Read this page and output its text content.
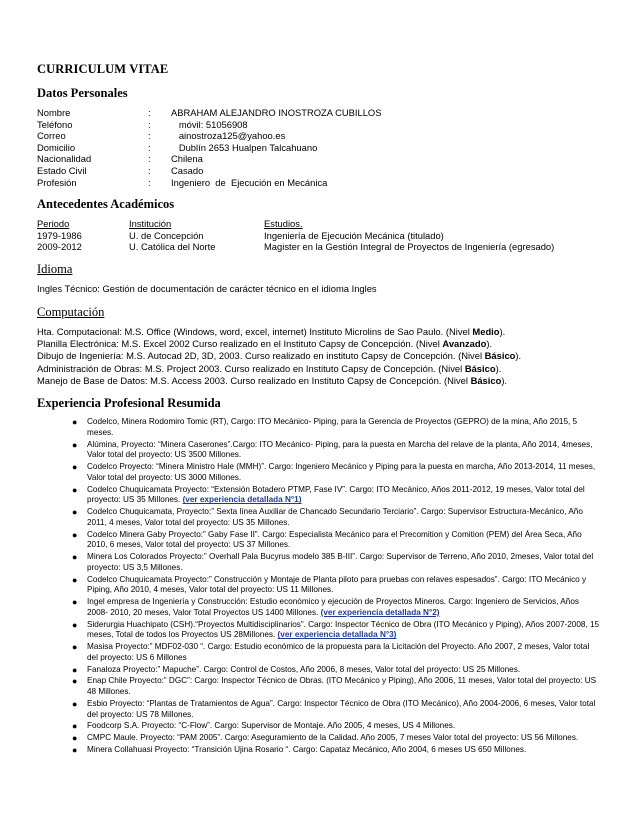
CURRICULUM VITAE
Datos Personales
Nombre	:	ABRAHAM ALEJANDRO INOSTROZA CUBILLOS
Teléfono	:	móvil: 51056908
Correo	:	ainostroza125@yahoo.es
Domicilio	:	Dublín 2653 Hualpen Talcahuano
Nacionalidad	:	Chilena
Estado Civil	:	Casado
Profesión	:	Ingeniero  de  Ejecución en Mecánica
Antecedentes Académicos
Periodo	Institución	Estudios.
1979-1986	U. de Concepción	Ingeniería de Ejecución Mecánica (titulado)
2009-2012	U. Católica del Norte	Magister en la Gestión Integral de Proyectos de Ingeniería (egresado)
Idioma
Ingles Técnico: Gestión de documentación de carácter técnico en el idioma Ingles
Computación
Hta. Computacional: M.S. Office (Windows, word, excel, internet) Instituto Microlins de Sao Paulo. (Nivel Medio).
Planilla Electrónica: M.S. Excel 2002 Curso realizado en el Instituto Capsy de Concepción. (Nivel Avanzado).
Dibujo de Ingeniería: M.S. Autocad 2D, 3D, 2003. Curso realizado en instituto Capsy de Concepción. (Nivel Básico).
Administración de Obras: M.S. Project 2003. Curso realizado en Instituto Capsy de Concepción. (Nivel Básico).
Manejo de Base de Datos: M.S. Access 2003. Curso realizado en Instituto Capsy de Concepción. (Nivel Básico).
Experiencia Profesional Resumida
● Codelco, Minera Rodomiro Tomic (RT), Cargo: ITO Mecánico- Piping, para la Gerencia de Proyectos (GEPRO) de la mina, Año 2015, 5 meses.
● Alúmina, Proyecto: “Minera Caserones”.Cargo: ITO Mecánico- Piping, para la puesta en Marcha del relave de la planta, Año 2014, 4meses, Valor total del proyecto: US 3500 Millones.
● Codelco Proyecto: “Minera Ministro Hale (MMH)”. Cargo: Ingeniero Mecánico y Piping para la puesta en marcha, Año 2013-2014, 11 meses, Valor total del proyecto: US 3000 Millones.
● Codelco Chuquicamata Proyecto: “Extensión Botadero PTMP, Fase IV”. Cargo: ITO Mecánico, Años 2011-2012, 19 meses, Valor total del proyecto: US 35 Millones. (ver experiencia detallada N°1)
● Codelco Chuquicamata, Proyecto:” Sexta línea Auxiliar de Chancado Secundario Terciario”. Cargo: Supervisor Estructura-Mecánico, Año 2011, 4 meses, Valor total del proyecto: US 35 Millones.
● Codelco Minera Gaby Proyecto:” Gaby Fase II”. Cargo: Especialista Mecánico para el Precomition y Comition (PEM) del Área Seca, Año 2010, 6 meses, Valor total del proyecto: US 37 Millones.
● Minera Los Colorados Proyecto:” Overhall Pala Bucyrus modelo 385 B-III”. Cargo: Supervisor de Terreno, Año 2010, 2meses, Valor total del proyecto: US 3,5 Millones.
● Codelco Chuquicamata Proyecto:” Construcción y Montaje de Planta piloto para pruebas con relaves espesados”. Cargo: ITO Mecánico y Piping, Año 2010, 4 meses, Valor total del proyecto: US 11 Millones.
● Ingel empresa de Ingeniería y Construcción: Estudio económico y ejecución de Proyectos Mineros. Cargo: Ingeniero de Servicios, Años 2008- 2010, 20 meses, Valor Total Proyectos US 1400 Millones. (ver experiencia detallada N°2)
● Siderurgia Huachipato (CSH).“Proyectos Multidisciplinarios”. Cargo: Inspector Técnico de Obra (ITO Mecánico y Piping), Años 2007-2008, 15 meses, Total de todos los Proyectos US 28Millones. (ver experiencia detallada N°3)
● Masisa Proyecto:” MDF02-030 “. Cargo: Estudio económico de la propuesta para la Licitación del Proyecto. Año 2007, 2 meses, Valor total del proyecto: US 6 Millones
● Fanaloza Proyecto:” Mapuche”. Cargo: Control de Costos, Año 2006, 8 meses, Valor total del proyecto: US 25 Millones.
● Enap Chile Proyecto:” DGC”: Cargo: Inspector Técnico de Obras. (ITO Mecánico y Piping), Año 2006, 11 meses, Valor total del proyecto: US 48 Millones.
● Esbio Proyecto: “Plantas de Tratamientos de Agua”. Cargo: Inspector Técnico de Obra (ITO Mecánico), Año 2004-2006, 6 meses, Valor total del proyecto: US 78 Millones.
● Foodcorp S.A. Proyecto: “C-Flow”. Cargo: Supervisor de Montaje. Año 2005, 4 meses, US 4 Millones.
● CMPC Maule. Proyecto: “PAM 2005”. Cargo: Aseguramiento de la Calidad. Año 2005, 7 meses Valor total del proyecto: US 56 Millones.
● Minera Collahuasi Proyecto: “Transición Ujina Rosario “. Cargo: Capataz Mecánico, Año 2004, 6 meses US 650 Millones.
